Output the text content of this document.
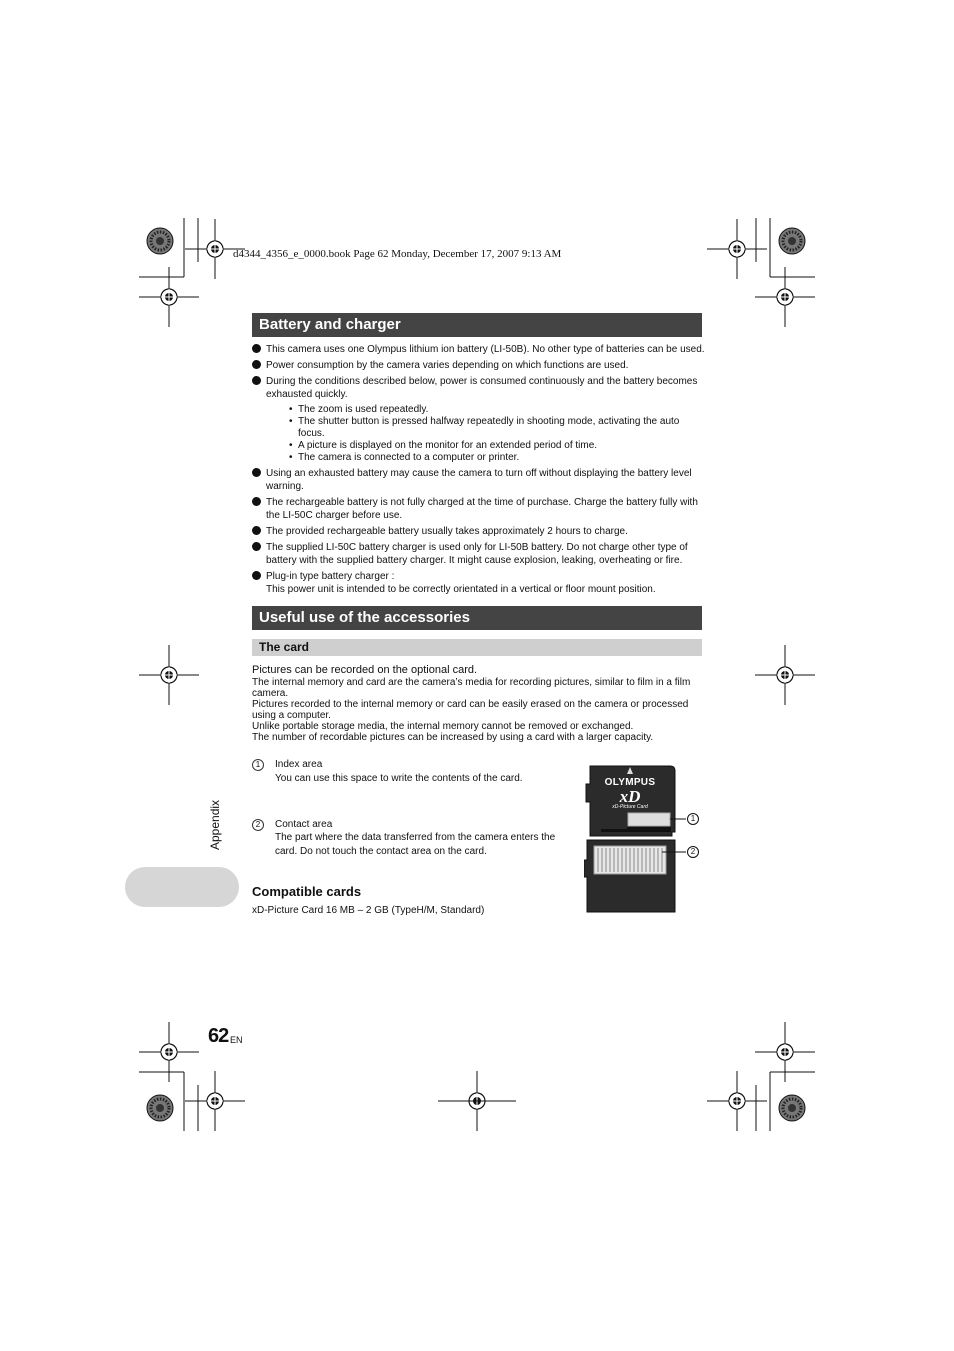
d4344_4356_e_0000.book Page 62 Monday, December 17, 2007 9:13 AM
Appendix
Battery and charger
This camera uses one Olympus lithium ion battery (LI-50B). No other type of batteries can be used.
Power consumption by the camera varies depending on which functions are used.
During the conditions described below, power is consumed continuously and the battery becomes exhausted quickly.
• The zoom is used repeatedly.
• The shutter button is pressed halfway repeatedly in shooting mode, activating the auto focus.
• A picture is displayed on the monitor for an extended period of time.
• The camera is connected to a computer or printer.
Using an exhausted battery may cause the camera to turn off without displaying the battery level warning.
The rechargeable battery is not fully charged at the time of purchase. Charge the battery fully with the LI-50C charger before use.
The provided rechargeable battery usually takes approximately 2 hours to charge.
The supplied LI-50C battery charger is used only for LI-50B battery. Do not charge other type of battery with the supplied battery charger. It might cause explosion, leaking, overheating or fire.
Plug-in type battery charger :
This power unit is intended to be correctly orientated in a vertical or floor mount position.
Useful use of the accessories
The card
Pictures can be recorded on the optional card.
The internal memory and card are the camera’s media for recording pictures, similar to film in a film camera.
Pictures recorded to the internal memory or card can be easily erased on the camera or processed using a computer.
Unlike portable storage media, the internal memory cannot be removed or exchanged.
The number of recordable pictures can be increased by using a card with a larger capacity.
1	Index area
You can use this space to write the contents of the card.
2	Contact area
The part where the data transferred from the camera enters the card. Do not touch the contact area on the card.
Compatible cards
xD-Picture Card 16 MB – 2 GB (TypeH/M, Standard)
OLYMPUS
xD
xD-Picture Card
1
2
62 EN
